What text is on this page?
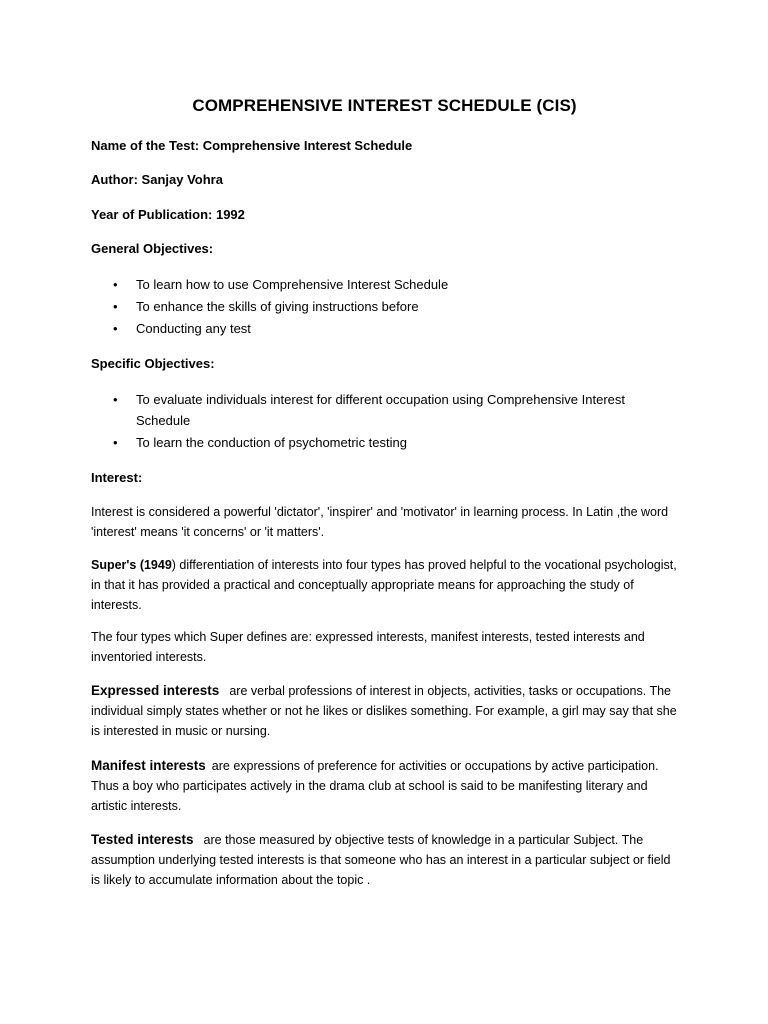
COMPREHENSIVE INTEREST SCHEDULE (CIS)

Name of the Test: Comprehensive Interest Schedule

Author: Sanjay Vohra

Year of Publication: 1992

General Objectives:

• To learn how to use Comprehensive Interest Schedule
• To enhance the skills of giving instructions before
• Conducting any test

Specific Objectives:

• To evaluate individuals interest for different occupation using Comprehensive Interest Schedule
• To learn the conduction of psychometric testing

Interest:

Interest is considered a powerful 'dictator', 'inspirer' and 'motivator' in learning process. In Latin ,the word 'interest' means 'it concerns' or 'it matters'.

Super's (1949) differentiation of interests into four types has proved helpful to the vocational psychologist, in that it has provided a practical and conceptually appropriate means for approaching the study of interests.

The four types which Super defines are: expressed interests, manifest interests, tested interests and inventoried interests.

Expressed interests are verbal professions of interest in objects, activities, tasks or occupations. The individual simply states whether or not he likes or dislikes something. For example, a girl may say that she is interested in music or nursing.

Manifest interests are expressions of preference for activities or occupations by active participation. Thus a boy who participates actively in the drama club at school is said to be manifesting literary and artistic interests.

Tested interests are those measured by objective tests of knowledge in a particular Subject. The assumption underlying tested interests is that someone who has an interest in a particular subject or field is likely to accumulate information about the topic .
